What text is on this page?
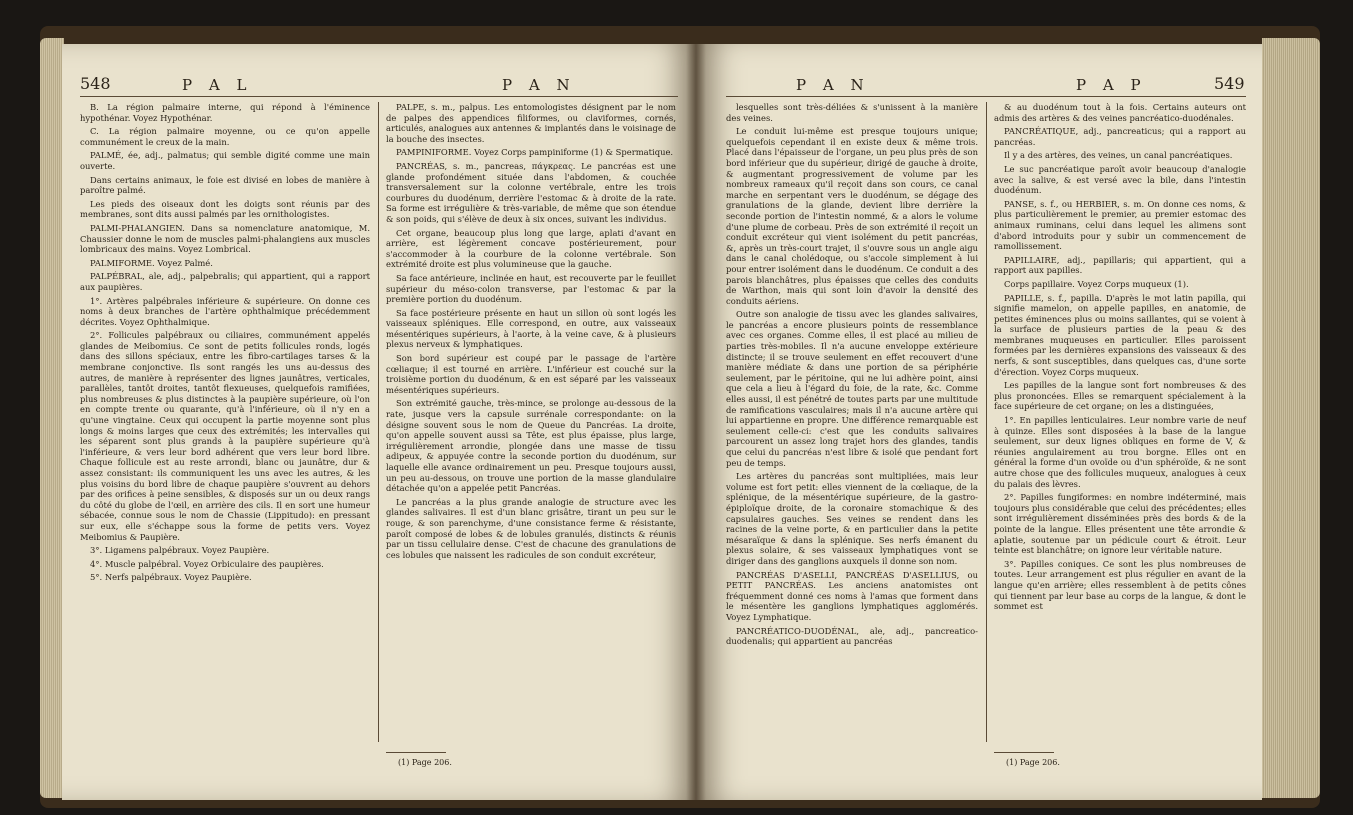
548	P A L	P A N

B. La région palmaire interne, qui répond à l'éminence hypothénar. Voyez Hypothénar.

C. La région palmaire moyenne, ou ce qu'on appelle communément le creux de la main.

PALMÉ, ée, adj., palmatus; qui semble digité comme une main ouverte.

Dans certains animaux, le foie est divisé en lobes de manière à paroître palmé.

Les pieds des oiseaux dont les doigts sont réunis par des membranes, sont dits aussi palmés par les ornithologistes.

PALMI-PHALANGIEN. Dans sa nomenclature anatomique, M. Chaussier donne le nom de muscles palmi-phalangiens aux muscles lombricaux des mains. Voyez Lombrical.

PALMIFORME. Voyez Palmé.

PALPÉBRAL, ale, adj., palpebralis; qui appartient, qui a rapport aux paupières.

1°. Artères palpébrales inférieure & supérieure. On donne ces noms à deux branches de l'artère ophthalmique précédemment décrites. Voyez Ophthalmique.

2°. Follicules palpébraux ou ciliaires, communément appelés glandes de Meibomius. Ce sont de petits follicules ronds, logés dans des sillons spéciaux, entre les fibro-cartilages tarses & la membrane conjonctive. Ils sont rangés les uns au-dessus des autres, de manière à représenter des lignes jaunâtres, verticales, parallèles, tantôt droites, tantôt flexueuses, quelquefois ramifiées, plus nombreuses & plus distinctes à la paupière supérieure, où l'on en compte trente ou quarante, qu'à l'inférieure, où il n'y en a qu'une vingtaine. Ceux qui occupent la partie moyenne sont plus longs & moins larges que ceux des extrémités; les intervalles qui les séparent sont plus grands à la paupière supérieure qu'à l'inférieure, & vers leur bord adhérent que vers leur bord libre. Chaque follicule est au reste arrondi, blanc ou jaunâtre, dur & assez consistant: ils communiquent les uns avec les autres, & les plus voisins du bord libre de chaque paupière s'ouvrent au dehors par des orifices à peine sensibles, & disposés sur un ou deux rangs du côté du globe de l'œil, en arrière des cils. Il en sort une humeur sébacée, connue sous le nom de Chassie (Lippitudo): en pressant sur eux, elle s'échappe sous la forme de petits vers. Voyez Meibomius & Paupière.

3°. Ligamens palpébraux. Voyez Paupière.

4°. Muscle palpébral. Voyez Orbiculaire des paupières.

5°. Nerfs palpébraux. Voyez Paupière.

PALPE, s. m., palpus. Les entomologistes désignent par le nom de palpes des appendices filiformes, ou claviformes, cornés, articulés, analogues aux antennes & implantés dans le voisinage de la bouche des insectes.

PAMPINIFORME. Voyez Corps pampiniforme (1) & Spermatique.

PANCRÉAS, s. m., pancreas, πάγκρεας. Le pancréas est une glande profondément située dans l'abdomen, & couchée transversalement sur la colonne vertébrale, entre les trois courbures du duodénum, derrière l'estomac & à droite de la rate. Sa forme est irrégulière & très-variable, de même que son étendue & son poids, qui s'élève de deux à six onces, suivant les individus.

Cet organe, beaucoup plus long que large, aplati d'avant en arrière, est légèrement concave postérieurement, pour s'accommoder à la courbure de la colonne vertébrale. Son extrémité droite est plus volumineuse que la gauche.

Sa face antérieure, inclinée en haut, est recouverte par le feuillet supérieur du méso-colon transverse, par l'estomac & par la première portion du duodénum.

Sa face postérieure présente en haut un sillon où sont logés les vaisseaux spléniques. Elle correspond, en outre, aux vaisseaux mésentériques supérieurs, à l'aorte, à la veine cave, & à plusieurs plexus nerveux & lymphatiques.

Son bord supérieur est coupé par le passage de l'artère cœliaque; il est tourné en arrière. L'inférieur est couché sur la troisième portion du duodénum, & en est séparé par les vaisseaux mésentériques supérieurs.

Son extrémité gauche, très-mince, se prolonge au-dessous de la rate, jusque vers la capsule surrénale correspondante: on la désigne souvent sous le nom de Queue du Pancréas. La droite, qu'on appelle souvent aussi sa Tête, est plus épaisse, plus large, irrégulièrement arrondie, plongée dans une masse de tissu adipeux, & appuyée contre la seconde portion du duodénum, sur laquelle elle avance ordinairement un peu. Presque toujours aussi, un peu au-dessous, on trouve une portion de la masse glandulaire détachée qu'on a appelée petit Pancréas.

Le pancréas a la plus grande analogie de structure avec les glandes salivaires. Il est d'un blanc grisâtre, tirant un peu sur le rouge, & son parenchyme, d'une consistance ferme & résistante, paroît composé de lobes & de lobules granulés, distincts & réunis par un tissu cellulaire dense. C'est de chacune des granulations de ces lobules que naissent les radicules de son conduit excréteur,

(1) Page 206.
P A N	P A P	549

lesquelles sont très-déliées & s'unissent à la manière des veines.

Le conduit lui-même est presque toujours unique; quelquefois cependant il en existe deux & même trois. Placé dans l'épaisseur de l'organe, un peu plus près de son bord inférieur que du supérieur, dirigé de gauche à droite, & augmentant progressivement de volume par les nombreux rameaux qu'il reçoit dans son cours, ce canal marche en serpentant vers le duodénum, se dégage des granulations de la glande, devient libre derrière la seconde portion de l'intestin nommé, & a alors le volume d'une plume de corbeau. Près de son extrémité il reçoit un conduit excréteur qui vient isolément du petit pancréas, &, après un très-court trajet, il s'ouvre sous un angle aigu dans le canal cholédoque, ou s'accole simplement à lui pour entrer isolément dans le duodénum. Ce conduit a des parois blanchâtres, plus épaisses que celles des conduits de Warthon, mais qui sont loin d'avoir la densité des conduits aériens.

Outre son analogie de tissu avec les glandes salivaires, le pancréas a encore plusieurs points de ressemblance avec ces organes. Comme elles, il est placé au milieu de parties très-mobiles. Il n'a aucune enveloppe extérieure distincte; il se trouve seulement en effet recouvert d'une manière médiate & dans une portion de sa périphérie seulement, par le péritoine, qui ne lui adhère point, ainsi que cela a lieu à l'égard du foie, de la rate, &c. Comme elles aussi, il est pénétré de toutes parts par une multitude de ramifications vasculaires; mais il n'a aucune artère qui lui appartienne en propre. Une différence remarquable est seulement celle-ci: c'est que les conduits salivaires parcourent un assez long trajet hors des glandes, tandis que celui du pancréas n'est libre & isolé que pendant fort peu de temps.

Les artères du pancréas sont multipliées, mais leur volume est fort petit: elles viennent de la cœliaque, de la splénique, de la mésentérique supérieure, de la gastro-épiploïque droite, de la coronaire stomachique & des capsulaires gauches. Ses veines se rendent dans les racines de la veine porte, & en particulier dans la petite mésaraïque & dans la splénique. Ses nerfs émanent du plexus solaire, & ses vaisseaux lymphatiques vont se diriger dans des ganglions auxquels il donne son nom.

PANCRÉAS D'ASELLI, PANCRÉAS D'ASELLIUS, ou PETIT PANCRÉAS. Les anciens anatomistes ont fréquemment donné ces noms à l'amas que forment dans le mésentère les ganglions lymphatiques agglomérés. Voyez Lymphatique.

PANCRÉATICO-DUODÉNAL, ale, adj., pancreatico-duodenalis; qui appartient au pancréas

& au duodénum tout à la fois. Certains auteurs ont admis des artères & des veines pancréatico-duodénales.

PANCRÉATIQUE, adj., pancreaticus; qui a rapport au pancréas.

Il y a des artères, des veines, un canal pancréatiques.

Le suc pancréatique paroît avoir beaucoup d'analogie avec la salive, & est versé avec la bile, dans l'intestin duodénum.

PANSE, s. f., ou HERBIER, s. m. On donne ces noms, & plus particulièrement le premier, au premier estomac des animaux ruminans, celui dans lequel les alimens sont d'abord introduits pour y subir un commencement de ramollissement.

PAPILLAIRE, adj., papillaris; qui appartient, qui a rapport aux papilles.

Corps papillaire. Voyez Corps muqueux (1).

PAPILLE, s. f., papilla. D'après le mot latin papilla, qui signifie mamelon, on appelle papilles, en anatomie, de petites éminences plus ou moins saillantes, qui se voient à la surface de plusieurs parties de la peau & des membranes muqueuses en particulier. Elles paroissent formées par les dernières expansions des vaisseaux & des nerfs, & sont susceptibles, dans quelques cas, d'une sorte d'érection. Voyez Corps muqueux.

Les papilles de la langue sont fort nombreuses & des plus prononcées. Elles se remarquent spécialement à la face supérieure de cet organe; on les a distinguées,

1°. En papilles lenticulaires. Leur nombre varie de neuf à quinze. Elles sont disposées à la base de la langue seulement, sur deux lignes obliques en forme de V, & réunies angulairement au trou borgne. Elles ont en général la forme d'un ovoïde ou d'un sphéroïde, & ne sont autre chose que des follicules muqueux, analogues à ceux du palais des lèvres.

2°. Papilles fungiformes: en nombre indéterminé, mais toujours plus considérable que celui des précédentes; elles sont irrégulièrement disséminées près des bords & de la pointe de la langue. Elles présentent une tête arrondie & aplatie, soutenue par un pédicule court & étroit. Leur teinte est blanchâtre; on ignore leur véritable nature.

3°. Papilles coniques. Ce sont les plus nombreuses de toutes. Leur arrangement est plus régulier en avant de la langue qu'en arrière; elles ressemblent à de petits cônes qui tiennent par leur base au corps de la langue, & dont le sommet est

(1) Page 206.
